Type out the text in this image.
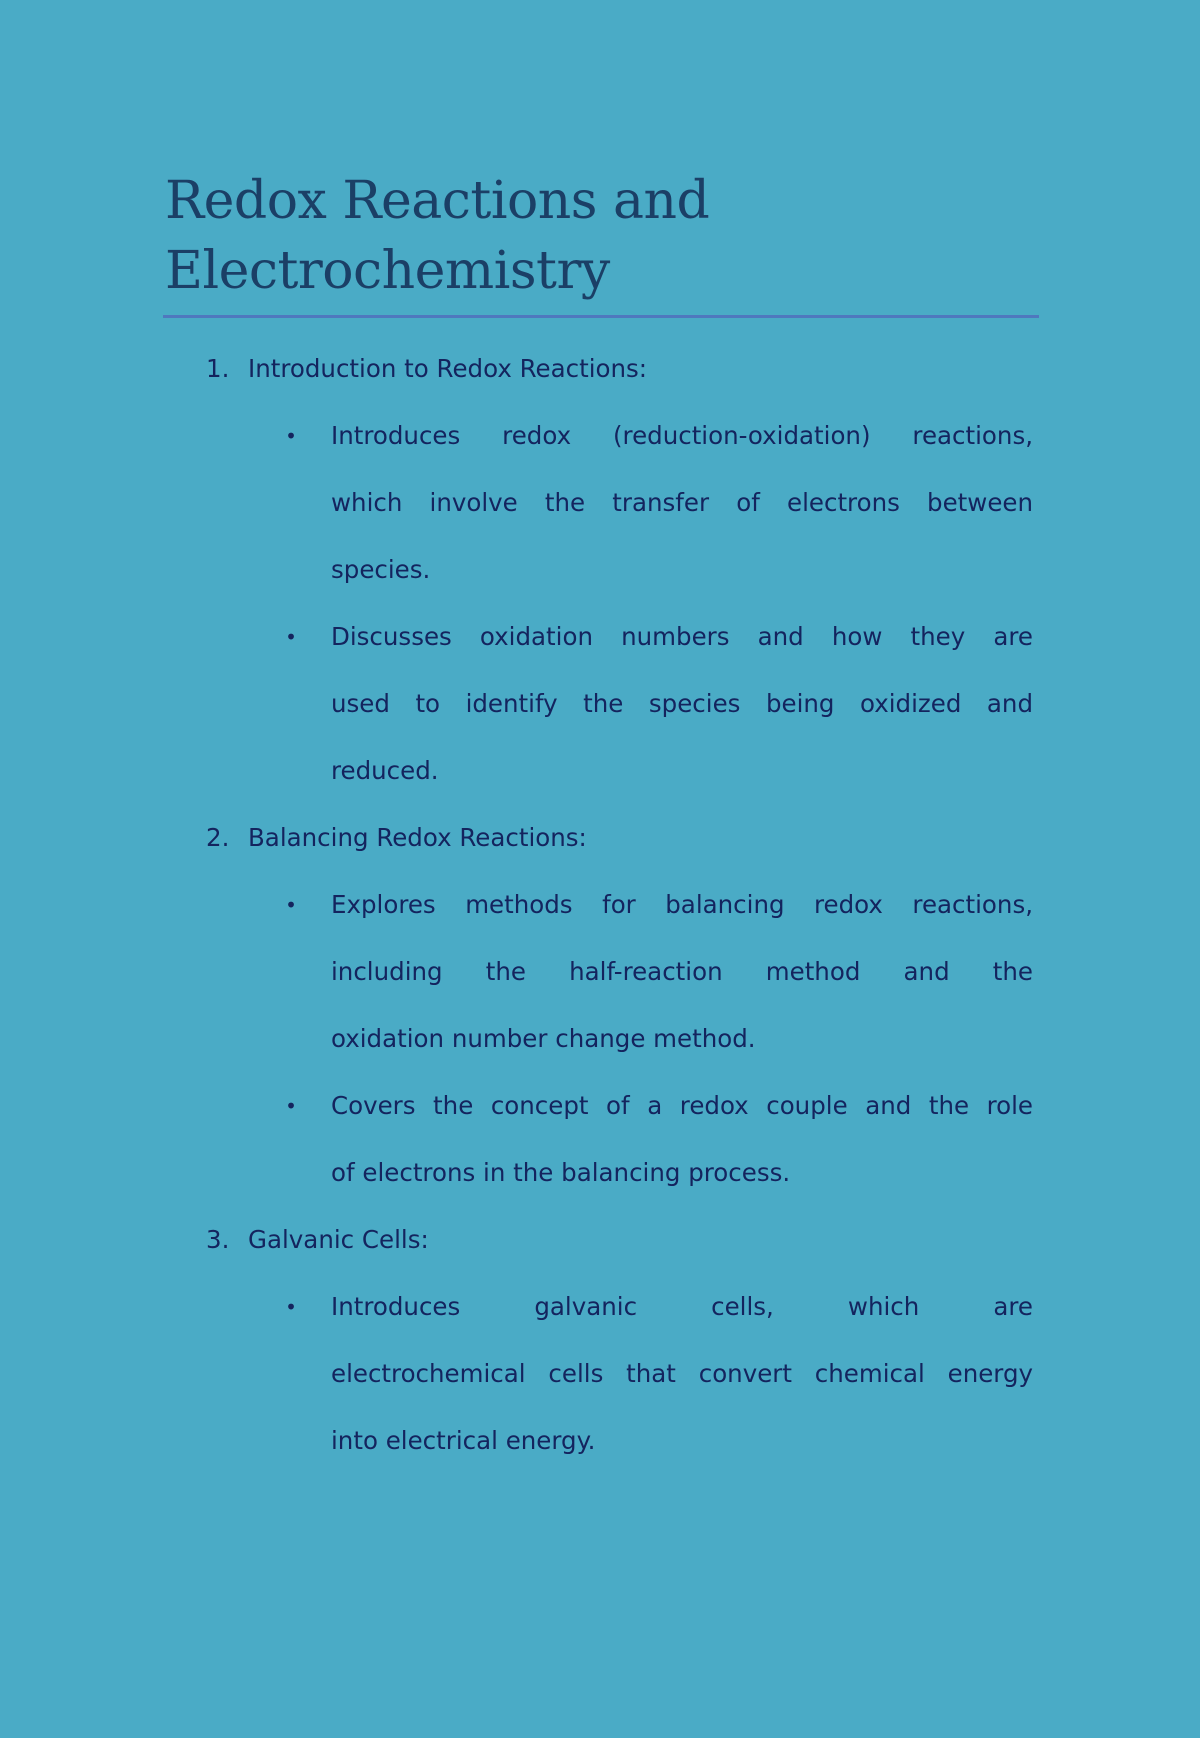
Redox Reactions and Electrochemistry
1. Introduction to Redox Reactions:
• Introduces redox (reduction-oxidation) reactions,
which involve the transfer of electrons between
species.
• Discusses oxidation numbers and how they are
used to identify the species being oxidized and
reduced.
2. Balancing Redox Reactions:
• Explores methods for balancing redox reactions,
including the half-reaction method and the
oxidation number change method.
• Covers the concept of a redox couple and the role
of electrons in the balancing process.
3. Galvanic Cells:
• Introduces galvanic cells, which are
electrochemical cells that convert chemical energy
into electrical energy.
